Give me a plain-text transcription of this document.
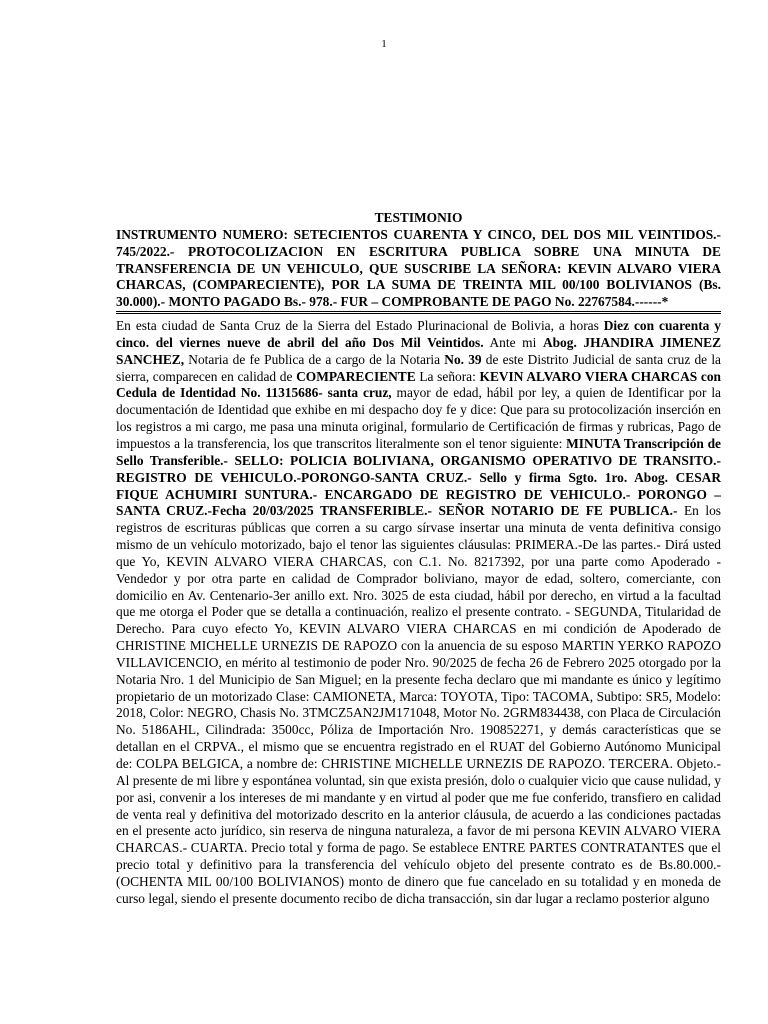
1

TESTIMONIO

INSTRUMENTO NUMERO: SETECIENTOS CUARENTA Y CINCO, DEL DOS MIL VEINTIDOS.- 745/2022.- PROTOCOLIZACION EN ESCRITURA PUBLICA SOBRE UNA MINUTA DE TRANSFERENCIA DE UN VEHICULO, QUE SUSCRIBE LA SEÑORA: KEVIN ALVARO VIERA CHARCAS, (COMPARECIENTE), POR LA SUMA DE TREINTA MIL 00/100 BOLIVIANOS (Bs. 30.000).- MONTO PAGADO Bs.- 978.- FUR – COMPROBANTE DE PAGO No. 22767584.------*

En esta ciudad de Santa Cruz de la Sierra del Estado Plurinacional de Bolivia, a horas Diez con cuarenta y cinco. del viernes nueve de abril del año Dos Mil Veintidos. Ante mi Abog. JHANDIRA JIMENEZ SANCHEZ, Notaria de fe Publica de a cargo de la Notaria No. 39 de este Distrito Judicial de santa cruz de la sierra, comparecen en calidad de COMPARECIENTE La señora: KEVIN ALVARO VIERA CHARCAS con Cedula de Identidad No. 11315686- santa cruz, mayor de edad, hábil por ley, a quien de Identificar por la documentación de Identidad que exhibe en mi despacho doy fe y dice: Que para su protocolización inserción en los registros a mi cargo, me pasa una minuta original, formulario de Certificación de firmas y rubricas, Pago de impuestos a la transferencia, los que transcritos literalmente son el tenor siguiente: MINUTA Transcripción de Sello Transferible.- SELLO: POLICIA BOLIVIANA, ORGANISMO OPERATIVO DE TRANSITO.- REGISTRO DE VEHICULO.-PORONGO-SANTA CRUZ.- Sello y firma Sgto. 1ro. Abog. CESAR FIQUE ACHUMIRI SUNTURA.- ENCARGADO DE REGISTRO DE VEHICULO.- PORONGO –SANTA CRUZ.-Fecha 20/03/2025 TRANSFERIBLE.- SEÑOR NOTARIO DE FE PUBLICA.- En los registros de escrituras públicas que corren a su cargo sírvase insertar una minuta de venta definitiva consigo mismo de un vehículo motorizado, bajo el tenor las siguientes cláusulas: PRIMERA.-De las partes.- Dirá usted que Yo, KEVIN ALVARO VIERA CHARCAS, con C.1. No. 8217392, por una parte como Apoderado - Vendedor y por otra parte en calidad de Comprador boliviano, mayor de edad, soltero, comerciante, con domicilio en Av. Centenario-3er anillo ext. Nro. 3025 de esta ciudad, hábil por derecho, en virtud a la facultad que me otorga el Poder que se detalla a continuación, realizo el presente contrato. - SEGUNDA, Titularidad de Derecho. Para cuyo efecto Yo, KEVIN ALVARO VIERA CHARCAS en mi condición de Apoderado de CHRISTINE MICHELLE URNEZIS DE RAPOZO con la anuencia de su esposo MARTIN YERKO RAPOZO VILLAVICENCIO, en mérito al testimonio de poder Nro. 90/2025 de fecha 26 de Febrero 2025 otorgado por la Notaria Nro. 1 del Municipio de San Miguel; en la presente fecha declaro que mi mandante es único y legítimo propietario de un motorizado Clase: CAMIONETA, Marca: TOYOTA, Tipo: TACOMA, Subtipo: SR5, Modelo: 2018, Color: NEGRO, Chasis No. 3TMCZ5AN2JM171048, Motor No. 2GRM834438, con Placa de Circulación No. 5186AHL, Cilindrada: 3500cc, Póliza de Importación Nro. 190852271, y demás características que se detallan en el CRPVA., el mismo que se encuentra registrado en el RUAT del Gobierno Autónomo Municipal de: COLPA BELGICA, a nombre de: CHRISTINE MICHELLE URNEZIS DE RAPOZO. TERCERA. Objeto.- Al presente de mi libre y espontánea voluntad, sin que exista presión, dolo o cualquier vicio que cause nulidad, y por asi, convenir a los intereses de mi mandante y en virtud al poder que me fue conferido, transfiero en calidad de venta real y definitiva del motorizado descrito en la anterior cláusula, de acuerdo a las condiciones pactadas en el presente acto jurídico, sin reserva de ninguna naturaleza, a favor de mi persona KEVIN ALVARO VIERA CHARCAS.- CUARTA. Precio total y forma de pago. Se establece ENTRE PARTES CONTRATANTES que el precio total y definitivo para la transferencia del vehículo objeto del presente contrato es de Bs.80.000.- (OCHENTA MIL 00/100 BOLIVIANOS) monto de dinero que fue cancelado en su totalidad y en moneda de curso legal, siendo el presente documento recibo de dicha transacción, sin dar lugar a reclamo posterior alguno
